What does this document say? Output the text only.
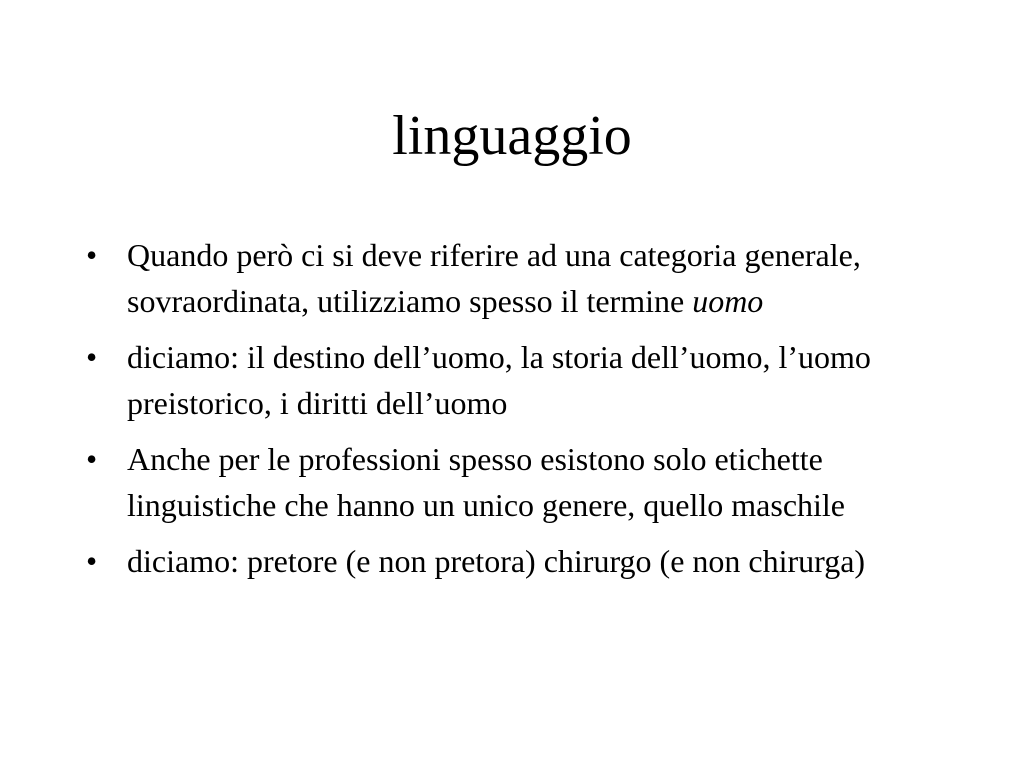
linguaggio
• Quando però ci si deve riferire ad una categoria generale, sovraordinata, utilizziamo spesso il termine uomo
• diciamo: il destino dell’uomo, la storia dell’uomo, l’uomo preistorico, i diritti dell’uomo
• Anche per le professioni spesso esistono solo etichette linguistiche che hanno un unico genere, quello maschile
• diciamo: pretore (e non pretora) chirurgo (e non chirurga)
